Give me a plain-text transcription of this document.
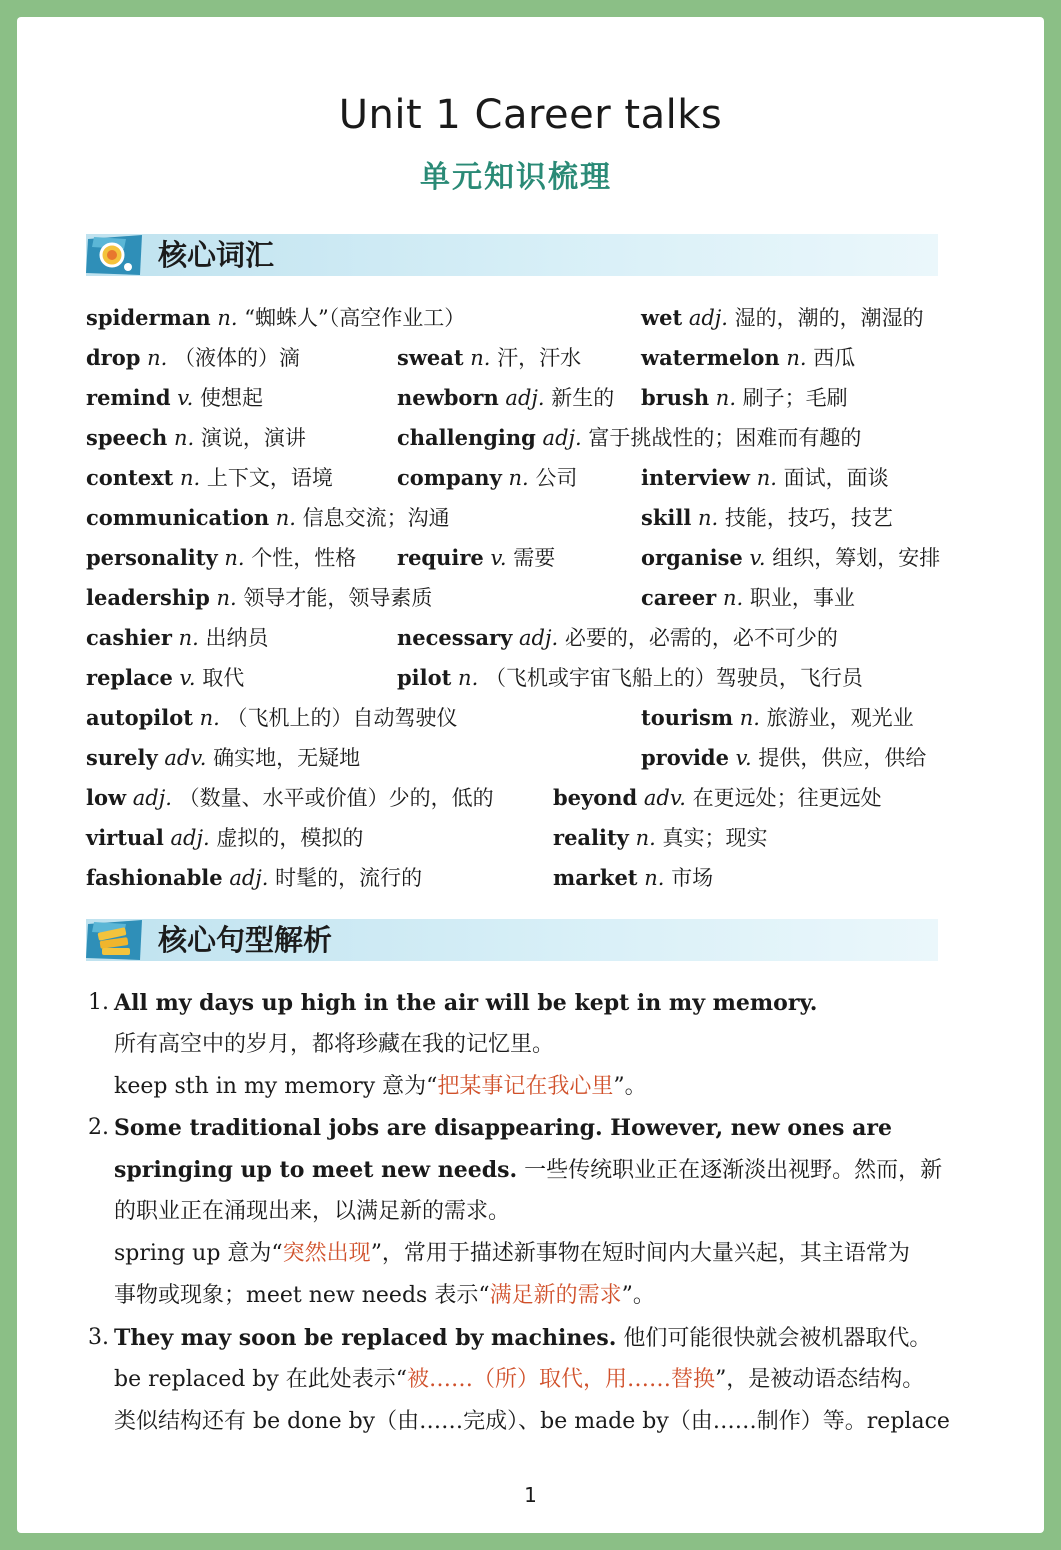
1
Unit 1 Career talks
单元知识梳理
核心词汇
spiderman n. “蜘蛛人”（高空作业工）	wet adj. 湿的，潮的，潮湿的
drop n. （液体的）滴	sweat n. 汗，汗水	watermelon n. 西瓜
remind v. 使想起	newborn adj. 新生的 brush n. 刷子；毛刷
speech n. 演说，演讲	challenging adj. 富于挑战性的；困难而有趣的
context n. 上下文，语境	company n. 公司	interview n. 面试，面谈
communication n. 信息交流；沟通	skill n. 技能，技巧，技艺
personality n. 个性，性格 require v. 需要	organise v. 组织，筹划，安排
leadership n. 领导才能，领导素质	career n. 职业，事业
cashier n. 出纳员	necessary adj. 必要的，必需的，必不可少的
replace v. 取代	pilot n. （飞机或宇宙飞船上的）驾驶员，飞行员
autopilot n. （飞机上的）自动驾驶仪	tourism n. 旅游业，观光业
surely adv. 确实地，无疑地	provide v. 提供，供应，供给
low adj. （数量、水平或价值）少的，低的	beyond adv. 在更远处；往更远处
virtual adj. 虚拟的，模拟的	reality n. 真实；现实
fashionable adj. 时髦的，流行的	market n. 市场
核心句型解析
1. All my days up high in the air will be kept in my memory.
所有高空中的岁月，都将珍藏在我的记忆里。
keep sth in my memory 意为“把某事记在我心里”。
2. Some traditional jobs are disappearing. However, new ones are
springing up to meet new needs. 一些传统职业正在逐渐淡出视野。然而，新
的职业正在涌现出来，以满足新的需求。
spring up 意为“突然出现”，常用于描述新事物在短时间内大量兴起，其主语常为
事物或现象；meet new needs 表示“满足新的需求”。
3. They may soon be replaced by machines. 他们可能很快就会被机器取代。
be replaced by 在此处表示“被……（所）取代，用……替换”，是被动语态结构。
类似结构还有 be done by（由……完成）、be made by（由……制作）等。replace
